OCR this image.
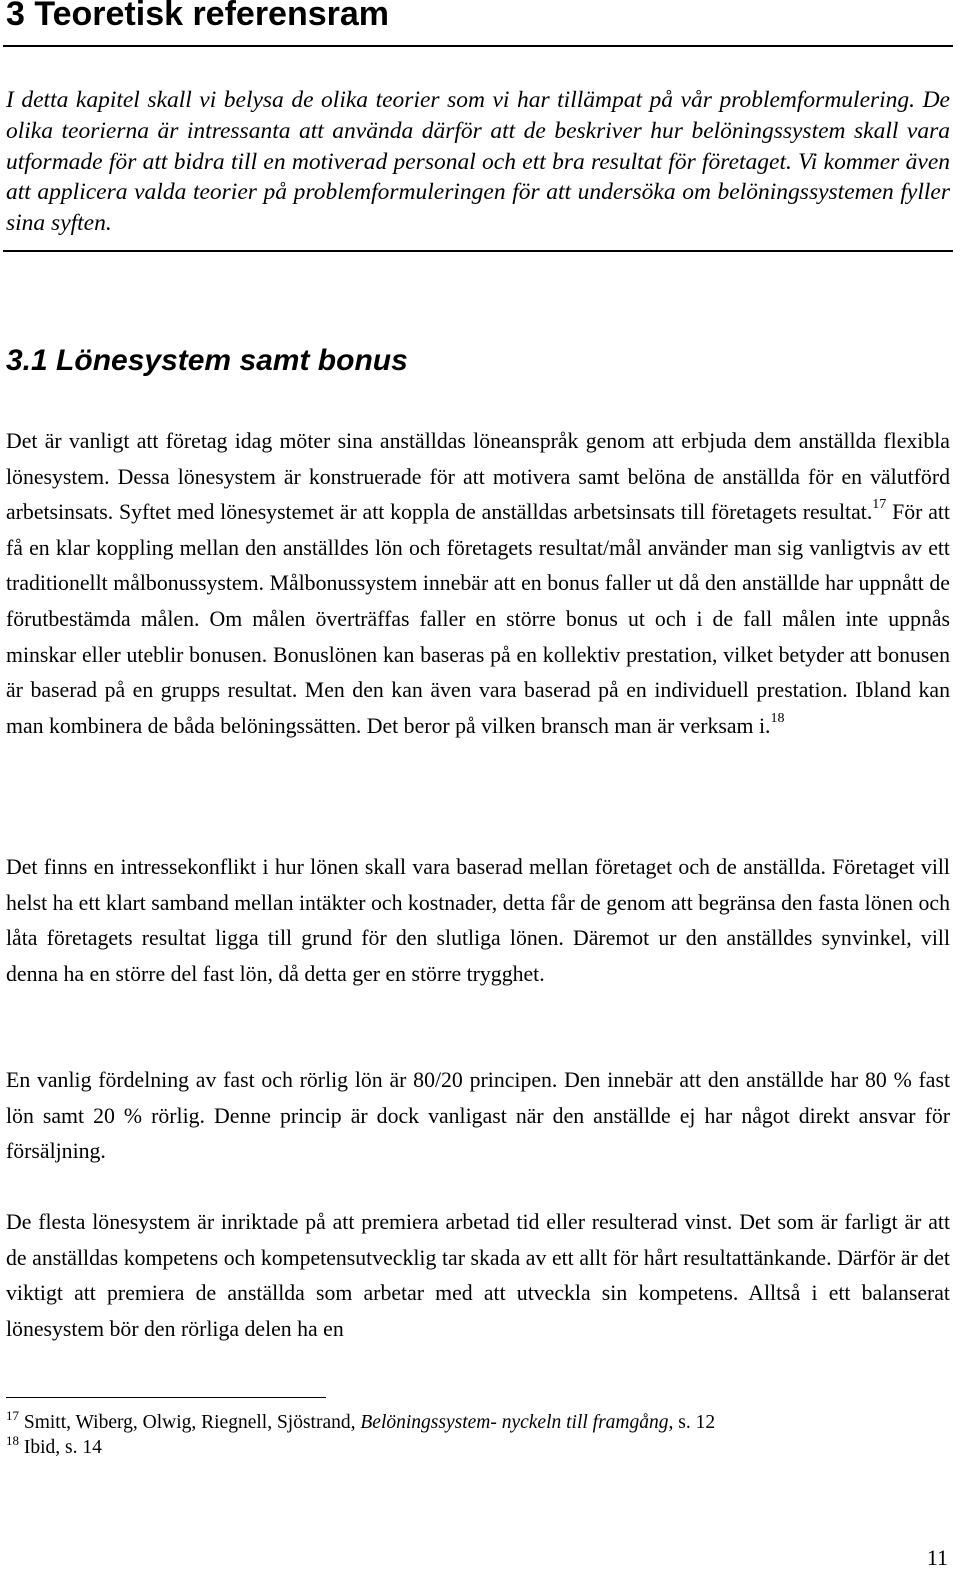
3 Teoretisk referensram

I detta kapitel skall vi belysa de olika teorier som vi har tillämpat på vår problemformulering. De olika teorierna är intressanta att använda därför att de beskriver hur belöningssystem skall vara utformade för att bidra till en motiverad personal och ett bra resultat för företaget. Vi kommer även att applicera valda teorier på problemformuleringen för att undersöka om belöningssystemen fyller sina syften.

3.1 Lönesystem samt bonus

Det är vanligt att företag idag möter sina anställdas löneanspråk genom att erbjuda dem anställda flexibla lönesystem. Dessa lönesystem är konstruerade för att motivera samt belöna de anställda för en välutförd arbetsinsats. Syftet med lönesystemet är att koppla de anställdas arbetsinsats till företagets resultat.$^{17}$ För att få en klar koppling mellan den anställdes lön och företagets resultat/mål använder man sig vanligtvis av ett traditionellt målbonussystem. Målbonussystem innebär att en bonus faller ut då den anställde har uppnått de förutbestämda målen. Om målen överträffas faller en större bonus ut och i de fall målen inte uppnås minskar eller uteblir bonusen. Bonuslönen kan baseras på en kollektiv prestation, vilket betyder att bonusen är baserad på en grupps resultat. Men den kan även vara baserad på en individuell prestation. Ibland kan man kombinera de båda belöningssätten. Det beror på vilken bransch man är verksam i.$^{18}$

Det finns en intressekonflikt i hur lönen skall vara baserad mellan företaget och de anställda. Företaget vill helst ha ett klart samband mellan intäkter och kostnader, detta får de genom att begränsa den fasta lönen och låta företagets resultat ligga till grund för den slutliga lönen. Däremot ur den anställdes synvinkel, vill denna ha en större del fast lön, då detta ger en större trygghet.

En vanlig fördelning av fast och rörlig lön är 80/20 principen. Den innebär att den anställde har 80 % fast lön samt 20 % rörlig. Denne princip är dock vanligast när den anställde ej har något direkt ansvar för försäljning.

De flesta lönesystem är inriktade på att premiera arbetad tid eller resulterad vinst. Det som är farligt är att de anställdas kompetens och kompetensutvecklig tar skada av ett allt för hårt resultattänkande. Därför är det viktigt att premiera de anställda som arbetar med att utveckla sin kompetens. Alltså i ett balanserat lönesystem bör den rörliga delen ha en

$^{17}$ Smitt, Wiberg, Olwig, Riegnell, Sjöstrand, Belöningssystem- nyckeln till framgång, s. 12
$^{18}$ Ibid, s. 14
11
